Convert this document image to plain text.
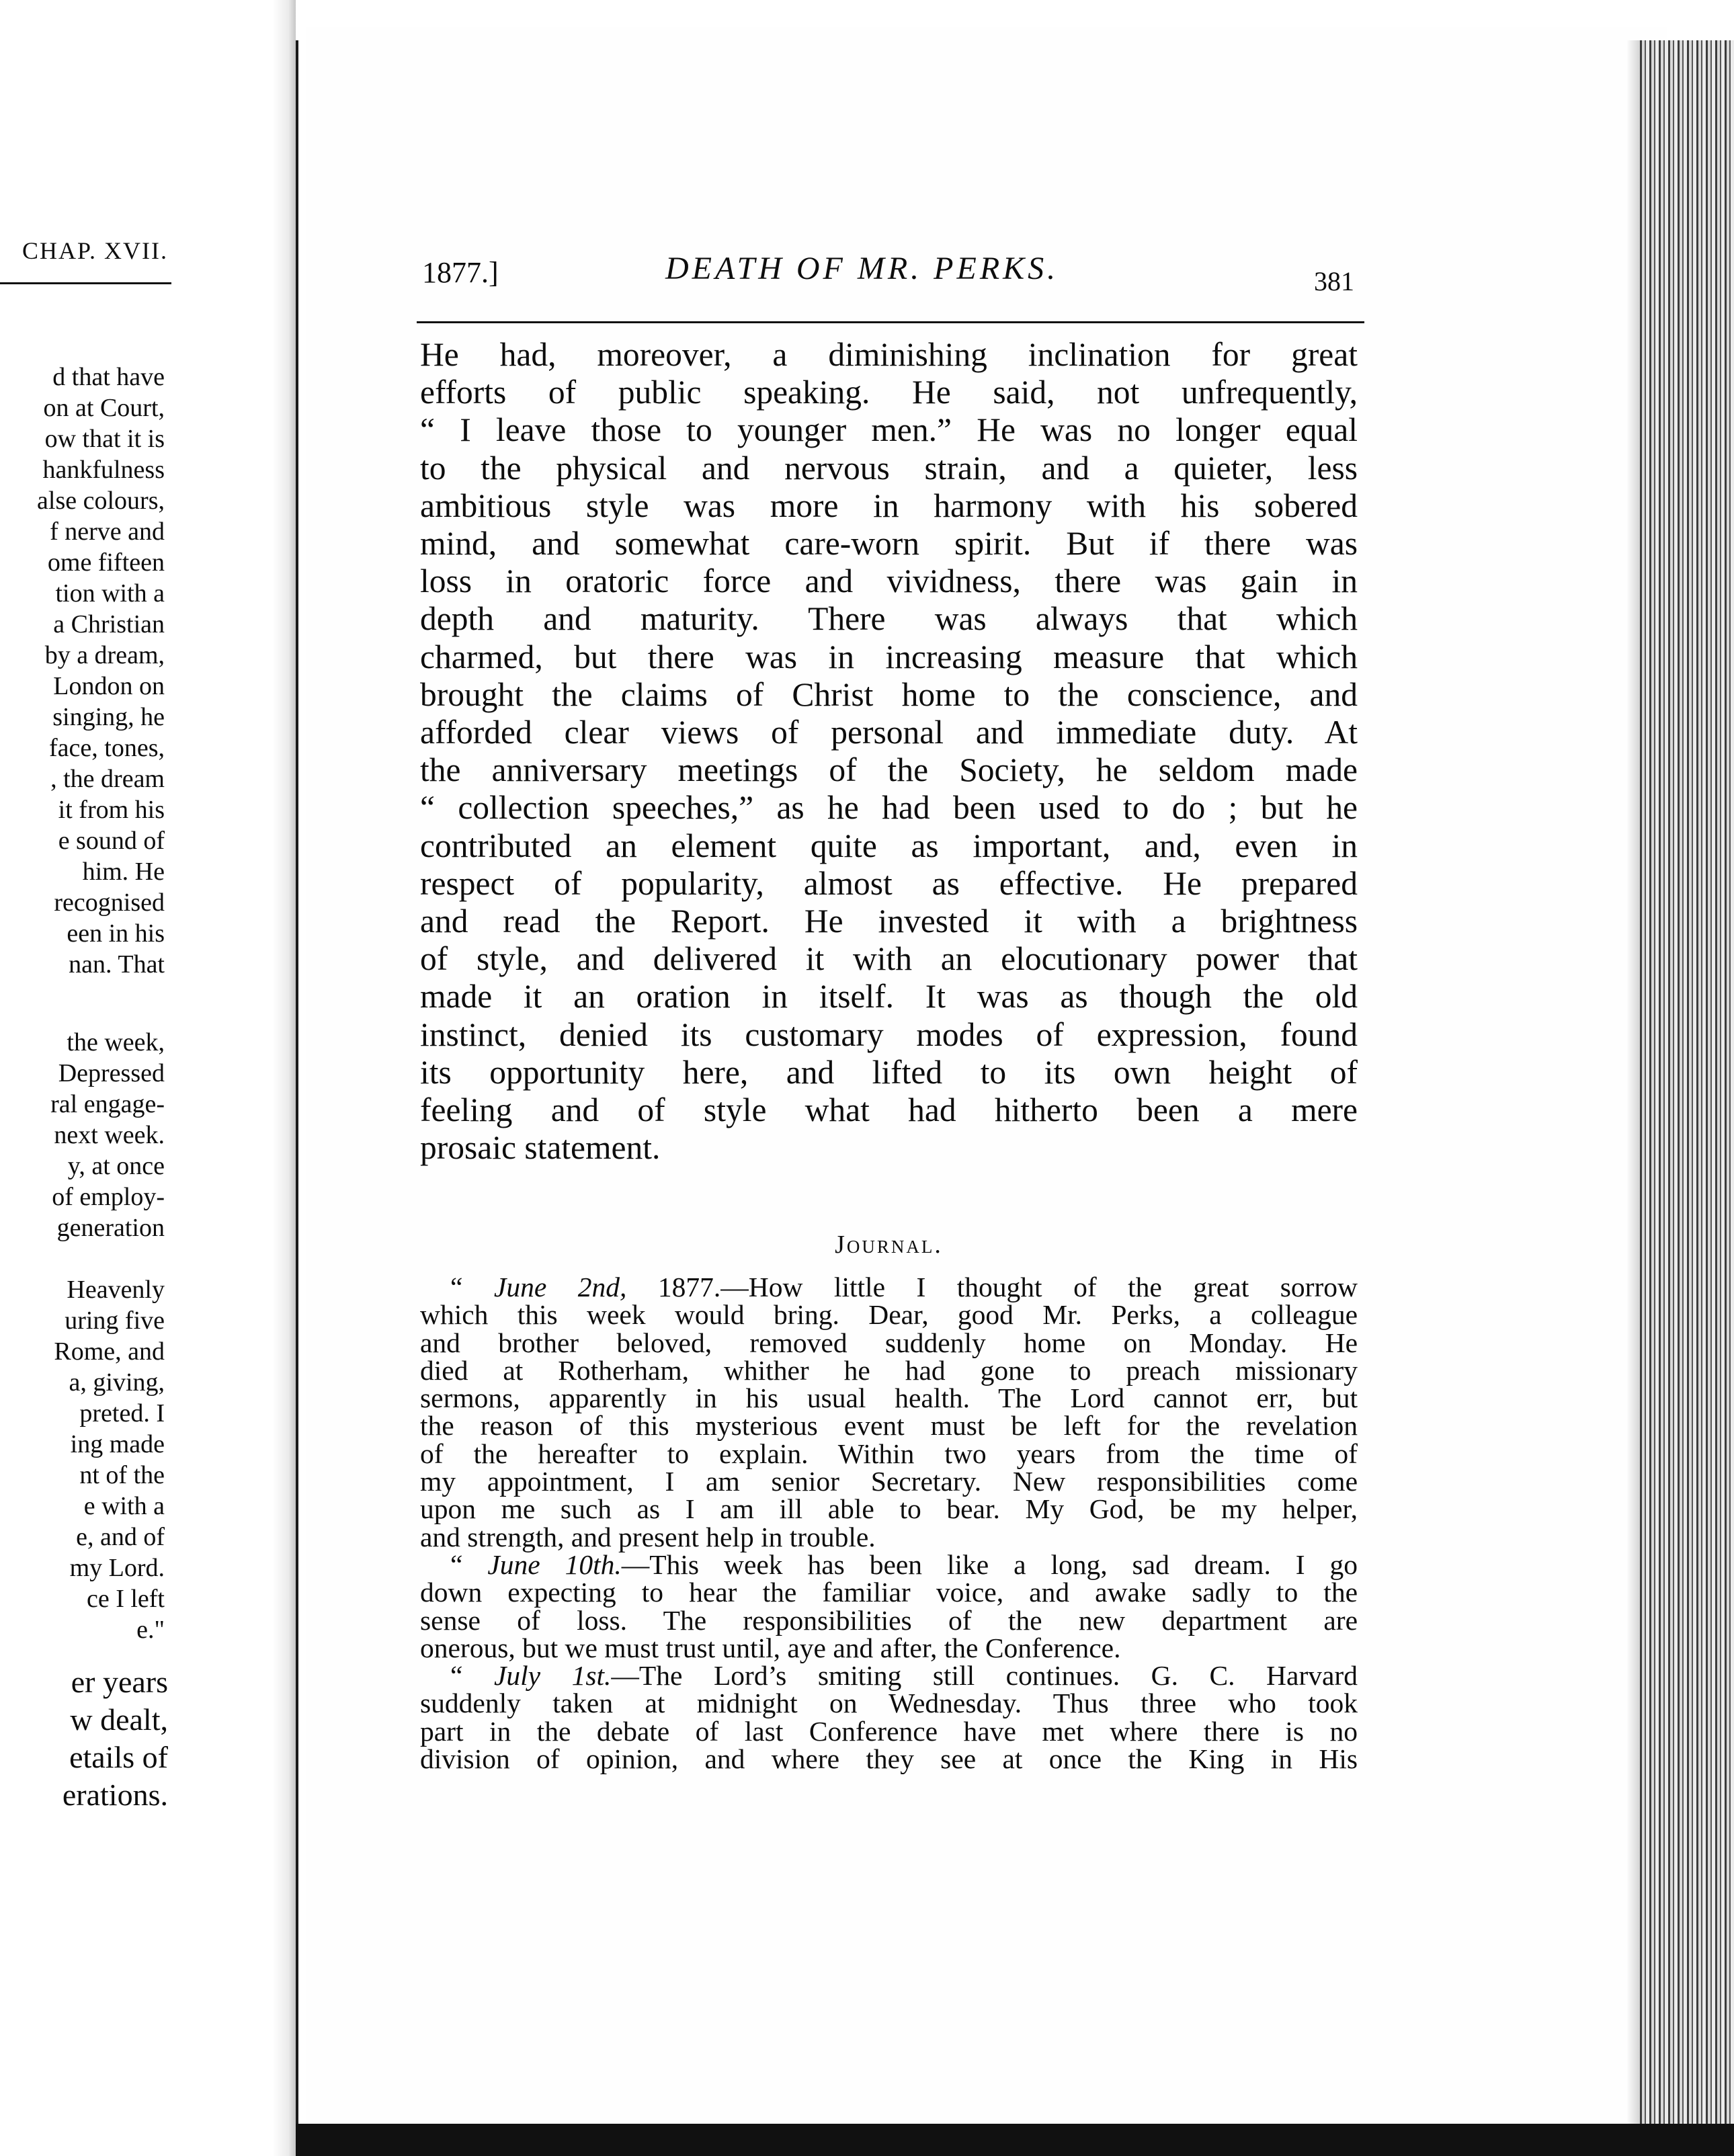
CHAP. XVII.
d that have
on at Court,
ow that it is
hankfulness
alse colours,
f nerve and
ome fifteen
tion with a
a Christian
by a dream,
London on
singing, he
face, tones,
, the dream
it from his
e sound of
him. He
recognised
een in his
nan. That
the week,
Depressed
ral engage-
next week.
y, at once
of employ-
generation

Heavenly
uring five
Rome, and
a, giving,
preted. I
ing made
nt of the
e with a
e, and of
my Lord.
ce I left
e."
er years
w dealt,
etails of
erations.
1877.]	DEATH OF MR. PERKS.	381
He had, moreover, a diminishing inclination for great
efforts of public speaking. He said, not unfrequently,
“ I leave those to younger men.” He was no longer equal
to the physical and nervous strain, and a quieter, less
ambitious style was more in harmony with his sobered
mind, and somewhat care-worn spirit. But if there was
loss in oratoric force and vividness, there was gain in
depth and maturity. There was always that which
charmed, but there was in increasing measure that which
brought the claims of Christ home to the conscience, and
afforded clear views of personal and immediate duty. At
the anniversary meetings of the Society, he seldom made
“ collection speeches,” as he had been used to do ; but he
contributed an element quite as important, and, even in
respect of popularity, almost as effective. He prepared
and read the Report. He invested it with a brightness
of style, and delivered it with an elocutionary power that
made it an oration in itself. It was as though the old
instinct, denied its customary modes of expression, found
its opportunity here, and lifted to its own height of
feeling and of style what had hitherto been a mere
prosaic statement.
Journal.
“ June 2nd, 1877.—How little I thought of the great sorrow
which this week would bring. Dear, good Mr. Perks, a colleague
and brother beloved, removed suddenly home on Monday. He
died at Rotherham, whither he had gone to preach missionary
sermons, apparently in his usual health. The Lord cannot err, but
the reason of this mysterious event must be left for the revelation
of the hereafter to explain. Within two years from the time of
my appointment, I am senior Secretary. New responsibilities come
upon me such as I am ill able to bear. My God, be my helper,
and strength, and present help in trouble.
“ June 10th.—This week has been like a long, sad dream. I go
down expecting to hear the familiar voice, and awake sadly to the
sense of loss. The responsibilities of the new department are
onerous, but we must trust until, aye and after, the Conference.
“ July 1st.—The Lord’s smiting still continues. G. C. Harvard
suddenly taken at midnight on Wednesday. Thus three who took
part in the debate of last Conference have met where there is no
division of opinion, and where they see at once the King in His
